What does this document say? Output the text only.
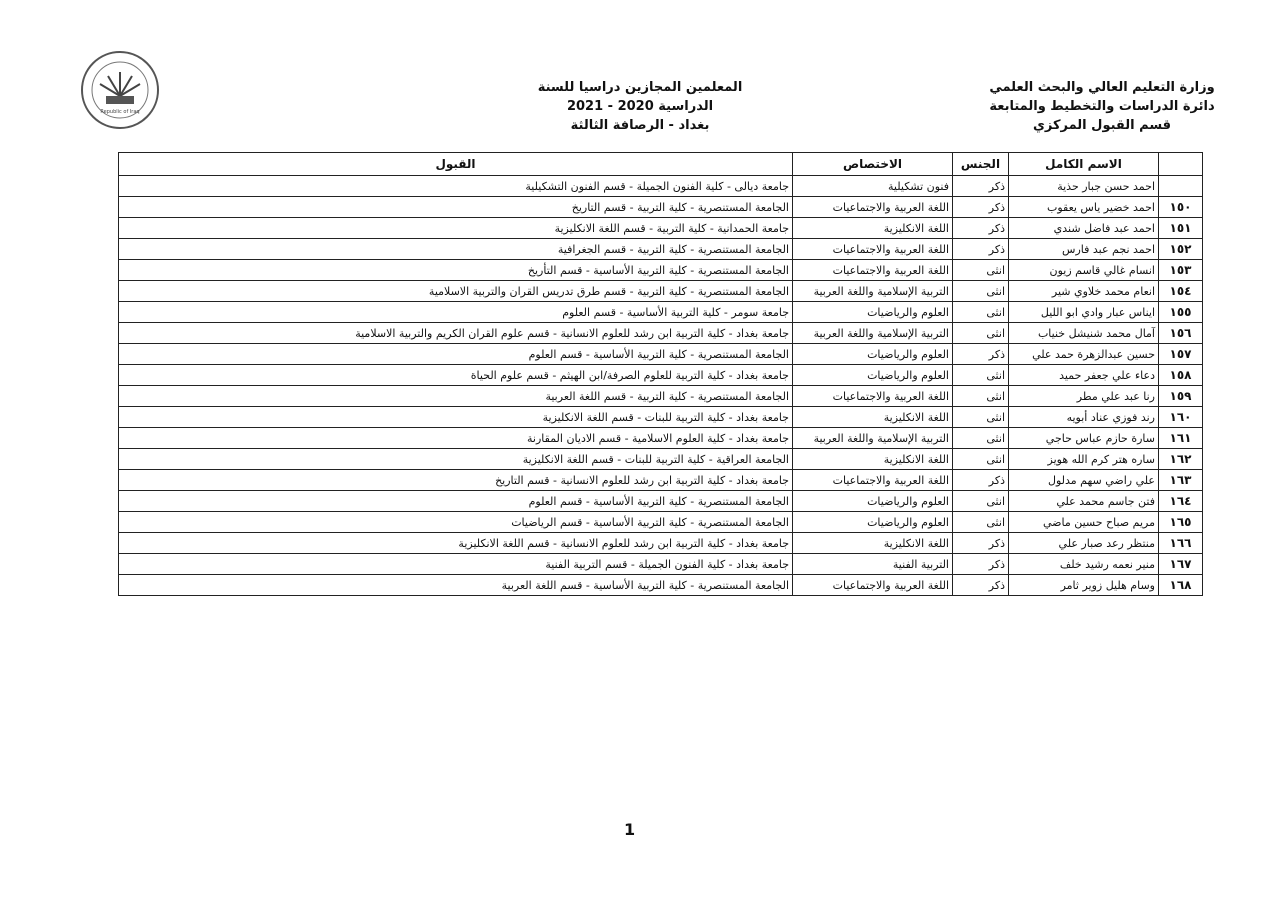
وزارة التعليم العالي والبحث العلمي
دائرة الدراسات والتخطيط والمتابعة
قسم القبول المركزي
المعلمين المجازين دراسيا للسنة
الدراسية 2020 - 2021
بغداد - الرصافة الثالثة
Republic of Iraq
	الاسم الكامل	الجنس	الاختصاص	القبول
	احمد حسن جبار حذية	ذكر	فنون تشكيلية	جامعة ديالى - كلية الفنون الجميلة - قسم الفنون التشكيلية
١٥٠	احمد خضير ياس يعقوب	ذكر	اللغة العربية والاجتماعيات	الجامعة المستنصرية - كلية التربية - قسم التاريخ
١٥١	احمد عبد فاضل شندي	ذكر	اللغة الانكليزية	جامعة الحمدانية - كلية التربية - قسم اللغة الانكليزية
١٥٢	احمد نجم عبد فارس	ذكر	اللغة العربية والاجتماعيات	الجامعة المستنصرية - كلية التربية - قسم الجغرافية
١٥٣	انسام غالي قاسم زيون	انثى	اللغة العربية والاجتماعيات	الجامعة المستنصرية - كلية التربية الأساسية - قسم التأريخ
١٥٤	انعام محمد خلاوي شير	انثى	التربية الإسلامية واللغة العربية	الجامعة المستنصرية - كلية التربية - قسم طرق تدريس القران والتربية الاسلامية
١٥٥	ايناس عبار وادي ابو الليل	انثى	العلوم والرياضيات	جامعة سومر - كلية التربية الأساسية - قسم العلوم
١٥٦	آمال محمد شنيشل خنياب	انثى	التربية الإسلامية واللغة العربية	جامعة بغداد - كلية التربية ابن رشد للعلوم الانسانية - قسم علوم القران الكريم والتربية الاسلامية
١٥٧	حسين عبدالزهرة حمد علي	ذكر	العلوم والرياضيات	الجامعة المستنصرية - كلية التربية الأساسية - قسم العلوم
١٥٨	دعاء علي جعفر حميد	انثى	العلوم والرياضيات	جامعة بغداد - كلية التربية للعلوم الصرفة/ابن الهيثم - قسم علوم الحياة
١٥٩	رنا عبد علي مطر	انثى	اللغة العربية والاجتماعيات	الجامعة المستنصرية - كلية التربية - قسم اللغة العربية
١٦٠	رند فوزي عناد أبويه	انثى	اللغة الانكليزية	جامعة بغداد - كلية التربية للبنات - قسم اللغة الانكليزية
١٦١	سارة حازم عباس حاجي	انثى	التربية الإسلامية واللغة العربية	جامعة بغداد - كلية العلوم الاسلامية - قسم الاديان المقارنة
١٦٢	ساره هتر كرم الله هويز	انثى	اللغة الانكليزية	الجامعة العراقية - كلية التربية للبنات - قسم اللغة الانكليزية
١٦٣	علي راضي سهم مدلول	ذكر	اللغة العربية والاجتماعيات	جامعة بغداد - كلية التربية ابن رشد للعلوم الانسانية - قسم التاريخ
١٦٤	فتن جاسم محمد علي	انثى	العلوم والرياضيات	الجامعة المستنصرية - كلية التربية الأساسية - قسم العلوم
١٦٥	مريم صباح حسين ماضي	انثى	العلوم والرياضيات	الجامعة المستنصرية - كلية التربية الأساسية - قسم الرياضيات
١٦٦	منتظر رعد صبار علي	ذكر	اللغة الانكليزية	جامعة بغداد - كلية التربية ابن رشد للعلوم الانسانية - قسم اللغة الانكليزية
١٦٧	منير نعمه رشيد خلف	ذكر	التربية الفنية	جامعة بغداد - كلية الفنون الجميلة - قسم التربية الفنية
١٦٨	وسام هليل زوير ثامر	ذكر	اللغة العربية والاجتماعيات	الجامعة المستنصرية - كلية التربية الأساسية - قسم اللغة العربية
1
